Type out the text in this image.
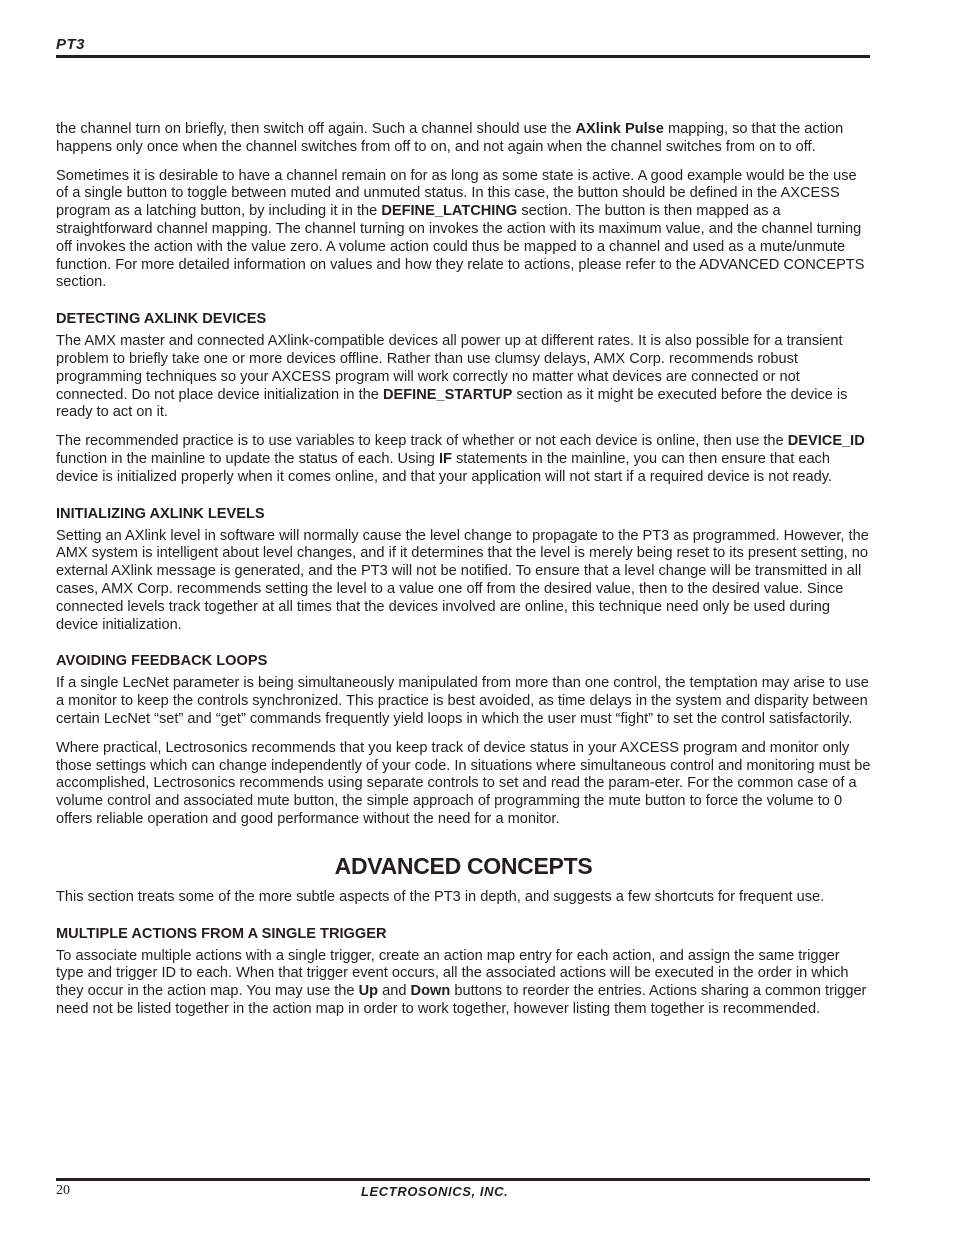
PT3

the channel turn on briefly, then switch off again. Such a channel should use the AXlink Pulse mapping, so that the action happens only once when the channel switches from off to on, and not again when the channel switches from on to off.

Sometimes it is desirable to have a channel remain on for as long as some state is active. A good example would be the use of a single button to toggle between muted and unmuted status. In this case, the button should be defined in the AXCESS program as a latching button, by including it in the DEFINE_LATCHING section. The button is then mapped as a straightforward channel mapping. The channel turning on invokes the action with its maximum value, and the channel turning off invokes the action with the value zero. A volume action could thus be mapped to a channel and used as a mute/unmute function. For more detailed information on values and how they relate to actions, please refer to the ADVANCED CONCEPTS section.

DETECTING AXLINK DEVICES

The AMX master and connected AXlink-compatible devices all power up at different rates. It is also possible for a transient problem to briefly take one or more devices offline. Rather than use clumsy delays, AMX Corp. recommends robust programming techniques so your AXCESS program will work correctly no matter what devices are connected or not connected. Do not place device initialization in the DEFINE_STARTUP section as it might be executed before the device is ready to act on it.

The recommended practice is to use variables to keep track of whether or not each device is online, then use the DEVICE_ID function in the mainline to update the status of each. Using IF statements in the mainline, you can then ensure that each device is initialized properly when it comes online, and that your application will not start if a required device is not ready.

INITIALIZING AXLINK LEVELS

Setting an AXlink level in software will normally cause the level change to propagate to the PT3 as programmed. However, the AMX system is intelligent about level changes, and if it determines that the level is merely being reset to its present setting, no external AXlink message is generated, and the PT3 will not be notified. To ensure that a level change will be transmitted in all cases, AMX Corp. recommends setting the level to a value one off from the desired value, then to the desired value. Since connected levels track together at all times that the devices involved are online, this technique need only be used during device initialization.

AVOIDING FEEDBACK LOOPS

If a single LecNet parameter is being simultaneously manipulated from more than one control, the temptation may arise to use a monitor to keep the controls synchronized. This practice is best avoided, as time delays in the system and disparity between certain LecNet “set” and “get” commands frequently yield loops in which the user must “fight” to set the control satisfactorily.

Where practical, Lectrosonics recommends that you keep track of device status in your AXCESS program and monitor only those settings which can change independently of your code. In situations where simultaneous control and monitoring must be accomplished, Lectrosonics recommends using separate controls to set and read the param-eter. For the common case of a volume control and associated mute button, the simple approach of programming the mute button to force the volume to 0 offers reliable operation and good performance without the need for a monitor.

ADVANCED CONCEPTS

This section treats some of the more subtle aspects of the PT3 in depth, and suggests a few shortcuts for frequent use.

MULTIPLE ACTIONS FROM A SINGLE TRIGGER

To associate multiple actions with a single trigger, create an action map entry for each action, and assign the same trigger type and trigger ID to each. When that trigger event occurs, all the associated actions will be executed in the order in which they occur in the action map. You may use the Up and Down buttons to reorder the entries. Actions sharing a common trigger need not be listed together in the action map in order to work together, however listing them together is recommended.

20	LECTROSONICS, INC.
